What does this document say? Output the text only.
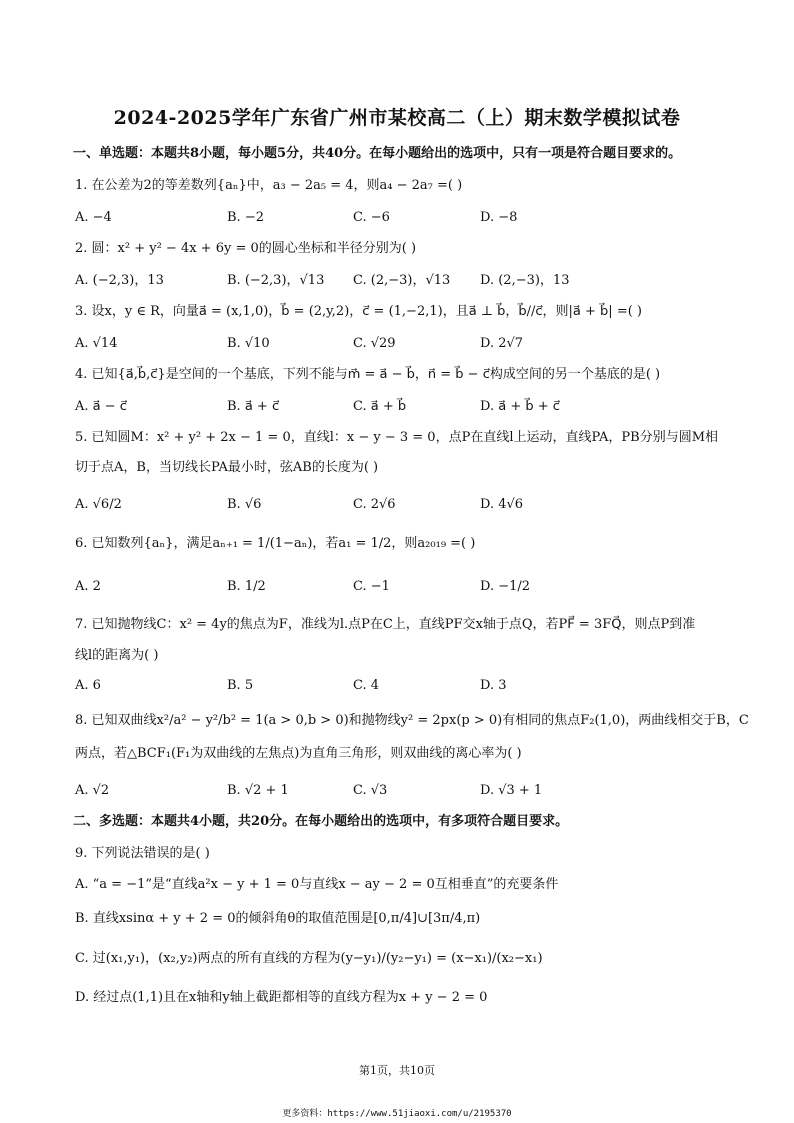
2024-2025学年广东省广州市某校高二（上）期末数学模拟试卷
一、单选题：本题共8小题，每小题5分，共40分。在每小题给出的选项中，只有一项是符合题目要求的。
1. 在公差为2的等差数列{aₙ}中，a₃ − 2a₅ = 4，则a₄ − 2a₇ =( )
A. −4	B. −2	C. −6	D. −8
2. 圆：x² + y² − 4x + 6y = 0的圆心坐标和半径分别为( )
A. (−2,3)，13	B. (−2,3)，√13 C. (2,−3)，√13 D. (2,−3)，13
3. 设x，y ∈ R，向量a⃗ = (x,1,0)，b⃗ = (2,y,2)，c⃗ = (1,−2,1)，且a⃗ ⊥ b⃗，b⃗//c⃗，则|a⃗ + b⃗| =( )
A. √14	B. √10	C. √29	D. 2√7
4. 已知{a⃗,b⃗,c⃗}是空间的一个基底，下列不能与m⃗ = a⃗ − b⃗，n⃗ = b⃗ − c⃗构成空间的另一个基底的是( )
A. a⃗ − c⃗	B. a⃗ + c⃗	C. a⃗ + b⃗	D. a⃗ + b⃗ + c⃗
5. 已知圆M：x² + y² + 2x − 1 = 0，直线l：x − y − 3 = 0，点P在直线l上运动，直线PA，PB分别与圆M相
切于点A，B，当切线长PA最小时，弦AB的长度为( )
A. √6/2	B. √6	C. 2√6	D. 4√6
6. 已知数列{aₙ}，满足aₙ₊₁ = 1/(1−aₙ)，若a₁ = 1/2，则a₂₀₁₉ =( )
A. 2	B. 1/2	C. −1	D. −1/2
7. 已知抛物线C：x² = 4y的焦点为F，准线为l.点P在C上，直线PF交x轴于点Q，若PF⃗ = 3FQ⃗，则点P到准
线l的距离为( )
A. 6	B. 5	C. 4	D. 3
8. 已知双曲线x²/a² − y²/b² = 1(a > 0,b > 0)和抛物线y² = 2px(p > 0)有相同的焦点F₂(1,0)，两曲线相交于B，C
两点，若△BCF₁(F₁为双曲线的左焦点)为直角三角形，则双曲线的离心率为( )
A. √2	B. √2 + 1	C. √3	D. √3 + 1
二、多选题：本题共4小题，共20分。在每小题给出的选项中，有多项符合题目要求。
9. 下列说法错误的是( )
A. “a = −1”是“直线a²x − y + 1 = 0与直线x − ay − 2 = 0互相垂直”的充要条件
B. 直线xsinα + y + 2 = 0的倾斜角θ的取值范围是[0,π/4]∪[3π/4,π)
C. 过(x₁,y₁)，(x₂,y₂)两点的所有直线的方程为(y−y₁)/(y₂−y₁) = (x−x₁)/(x₂−x₁)
D. 经过点(1,1)且在x轴和y轴上截距都相等的直线方程为x + y − 2 = 0
第1页，共10页
更多资料：https://www.51jiaoxi.com/u/2195370
